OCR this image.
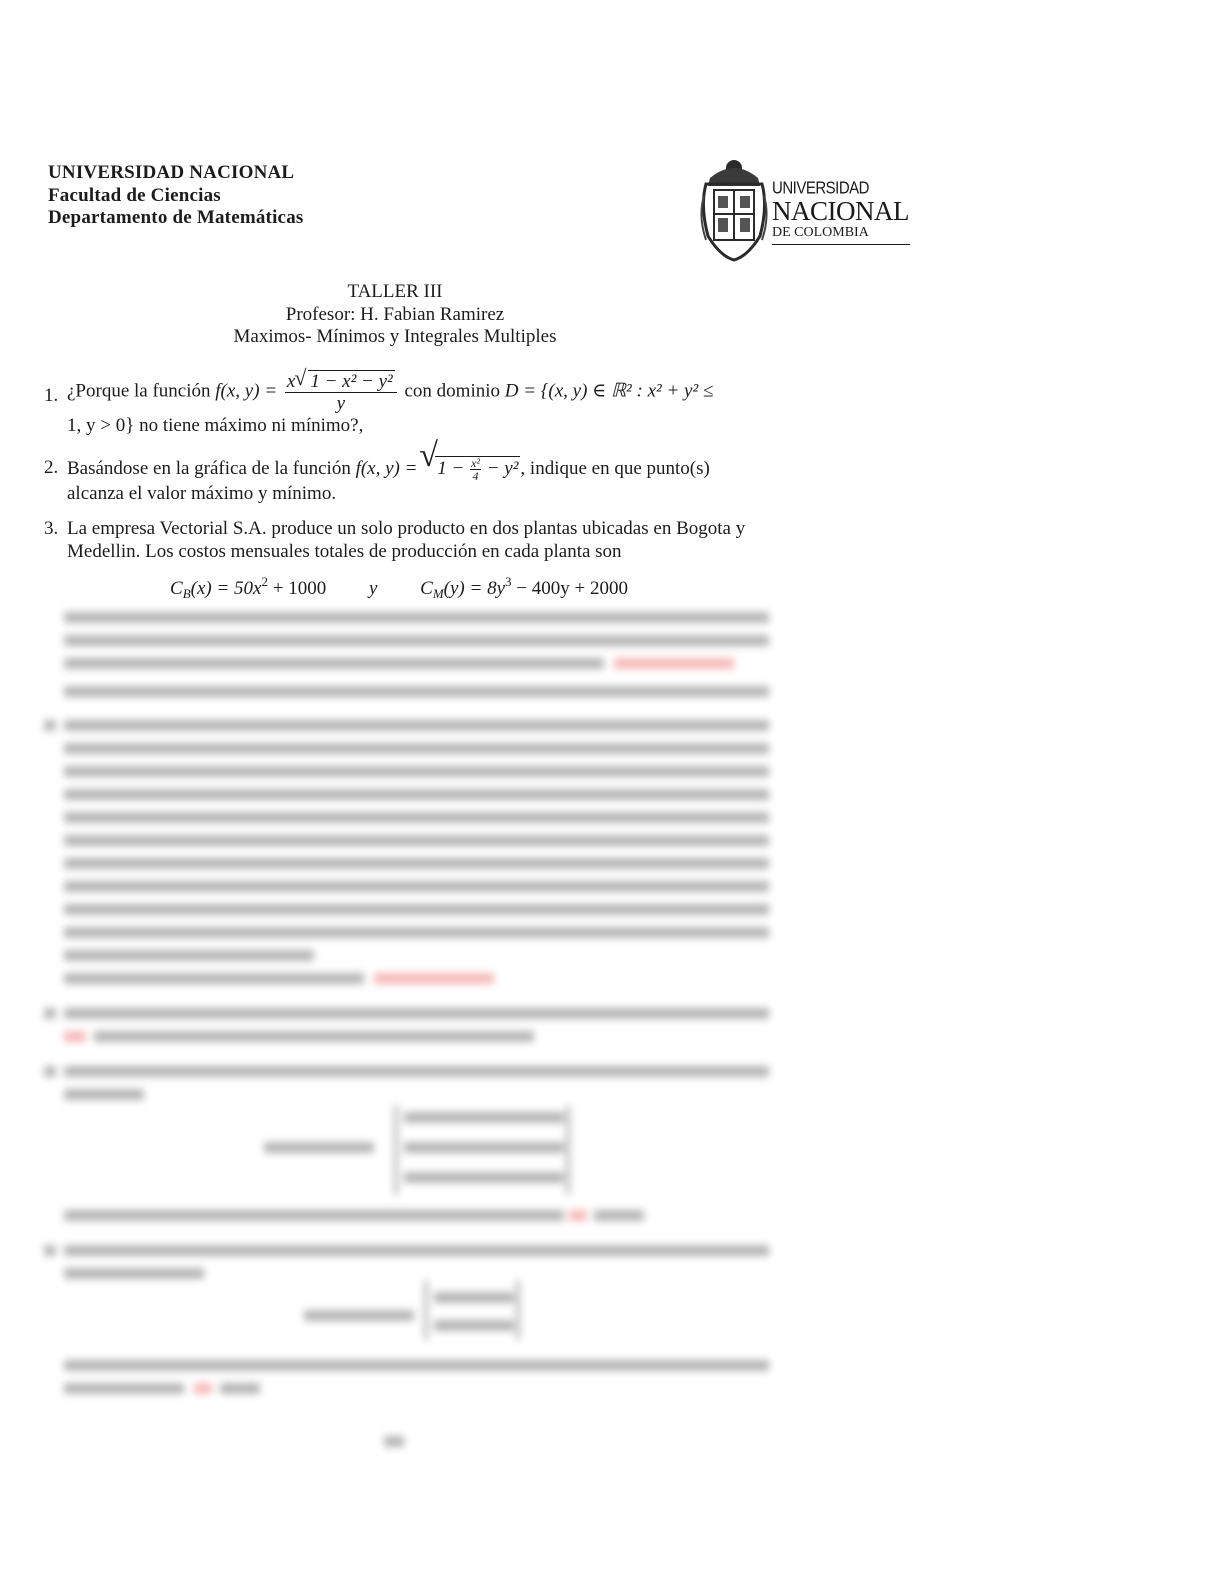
UNIVERSIDAD NACIONAL
Facultad de Ciencias
Departamento de Matemáticas
UNIVERSIDAD
NACIONAL
DE COLOMBIA
TALLER III
Profesor: H. Fabian Ramirez
Maximos- Mínimos y Integrales Multiples
1. ¿Porque la función f(x, $y) = \frac{\text{x √ 1 − x² − y²}}{y}$ con dominio D = {(x, y) ∈ ℝ² : x² + y² ≤
1, y > 0} no tiene máximo ni mínimo?,
2. Basándose en la gráfica de la función f(x, y) = √ $1 - \frac{\text{x²}}{4} - y^2$ , indique en que punto(s)
alcanza el valor máximo y mínimo.
3. La empresa Vectorial S.A. produce un solo producto en dos plantas ubicadas en Bogota y Medellin. Los costos mensuales totales de producción en cada planta son
$C_B(x) = 50x^2 + 1000$ y $C_M(y) = 8y^3 - 400y + 2000$
